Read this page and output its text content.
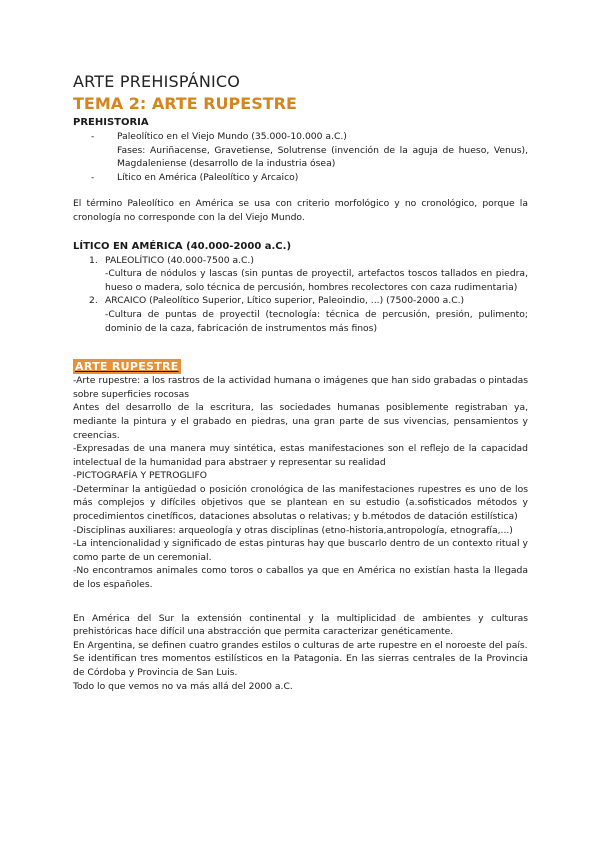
ARTE PREHISPÁNICO
TEMA 2: ARTE RUPESTRE
PREHISTORIA
- Paleolítico en el Viejo Mundo (35.000-10.000 a.C.)
Fases: Auriñacense, Gravetiense, Solutrense (invención de la aguja de hueso, Venus), Magdaleniense (desarrollo de la industria ósea)
- Lítico en América (Paleolítico y Arcaico)

El término Paleolítico en América se usa con criterio morfológico y no cronológico, porque la cronología no corresponde con la del Viejo Mundo.

LÍTICO EN AMÉRICA (40.000-2000 a.C.)
1. PALEOLÍTICO (40.000-7500 a.C.)
-Cultura de nódulos y lascas (sin puntas de proyectil, artefactos toscos tallados en piedra, hueso o madera, solo técnica de percusión, hombres recolectores con caza rudimentaria)
2. ARCAICO (Paleolítico Superior, Lítico superior, Paleoindio, ...) (7500-2000 a.C.)
-Cultura de puntas de proyectil (tecnología: técnica de percusión, presión, pulimento; dominio de la caza, fabricación de instrumentos más finos)
ARTE RUPESTRE

-Arte rupestre: a los rastros de la actividad humana o imágenes que han sido grabadas o pintadas sobre superficies rocosas

Antes del desarrollo de la escritura, las sociedades humanas posiblemente registraban ya, mediante la pintura y el grabado en piedras, una gran parte de sus vivencias, pensamientos y creencias.

-Expresadas de una manera muy sintética, estas manifestaciones son el reflejo de la capacidad intelectual de la humanidad para abstraer y representar su realidad

-PICTOGRAFÍA Y PETROGLIFO

-Determinar la antigüedad o posición cronológica de las manifestaciones rupestres es uno de los más complejos y difíciles objetivos que se plantean en su estudio (a.sofisticados métodos y procedimientos cinetíficos, dataciones absolutas o relativas; y b.métodos de datación estilística)

-Disciplinas auxiliares: arqueología y otras disciplinas (etno-historia,antropología, etnografía,...)

-La intencionalidad y significado de estas pinturas hay que buscarlo dentro de un contexto ritual y como parte de un ceremonial.

-No encontramos animales como toros o caballos ya que en América no existían hasta la llegada de los españoles.

En América del Sur la extensión continental y la multiplicidad de ambientes y culturas prehistóricas hace difícil una abstracción que permita caracterizar genéticamente.

En Argentina, se definen cuatro grandes estilos o culturas de arte rupestre en el noroeste del país.

Se identifican tres momentos estilísticos en la Patagonia. En las sierras centrales de la Provincia de Córdoba y Provincia de San Luis.

Todo lo que vemos no va más allá del 2000 a.C.
